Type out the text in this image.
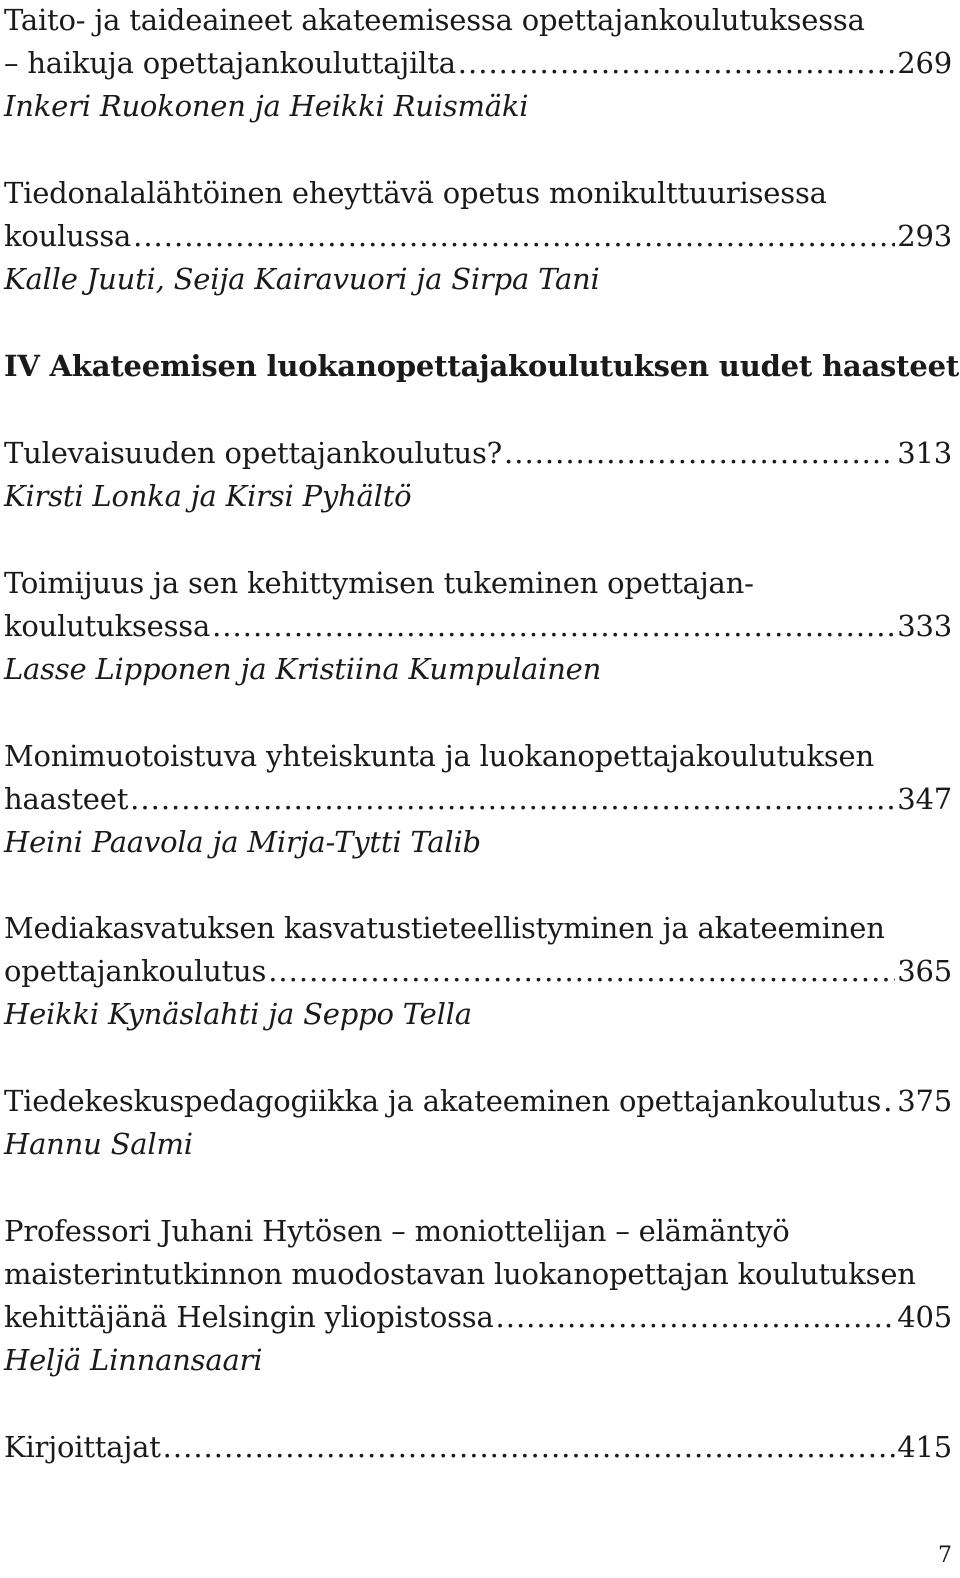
Taito- ja taideaineet akateemisessa opettajankoulutuksessa
– haikuja opettajankouluttajilta .....	269
Inkeri Ruokonen ja Heikki Ruismäki
Tiedonalalähtöinen eheyttävä opetus monikulttuurisessa
koulussa .....	293
Kalle Juuti, Seija Kairavuori ja Sirpa Tani
IV Akateemisen luokanopettajakoulutuksen uudet haasteet
Tulevaisuuden opettajankoulutus? .....	313
Kirsti Lonka ja Kirsi Pyhältö
Toimijuus ja sen kehittymisen tukeminen opettajan-
koulutuksessa .....	333
Lasse Lipponen ja Kristiina Kumpulainen
Monimuotoistuva yhteiskunta ja luokanopettajakoulutuksen
haasteet .....	347
Heini Paavola ja Mirja-Tytti Talib
Mediakasvatuksen kasvatustieteellistyminen ja akateeminen
opettajankoulutus .....	365
Heikki Kynäslahti ja Seppo Tella
Tiedekeskuspedagogiikka ja akateeminen opettajankoulutus ..... 375
Hannu Salmi
Professori Juhani Hytösen – moniottelijan – elämäntyö
maisterintutkinnon muodostavan luokanopettajan koulutuksen
kehittäjänä Helsingin yliopistossa .....	405
Heljä Linnansaari
Kirjoittajat .....	415
7
